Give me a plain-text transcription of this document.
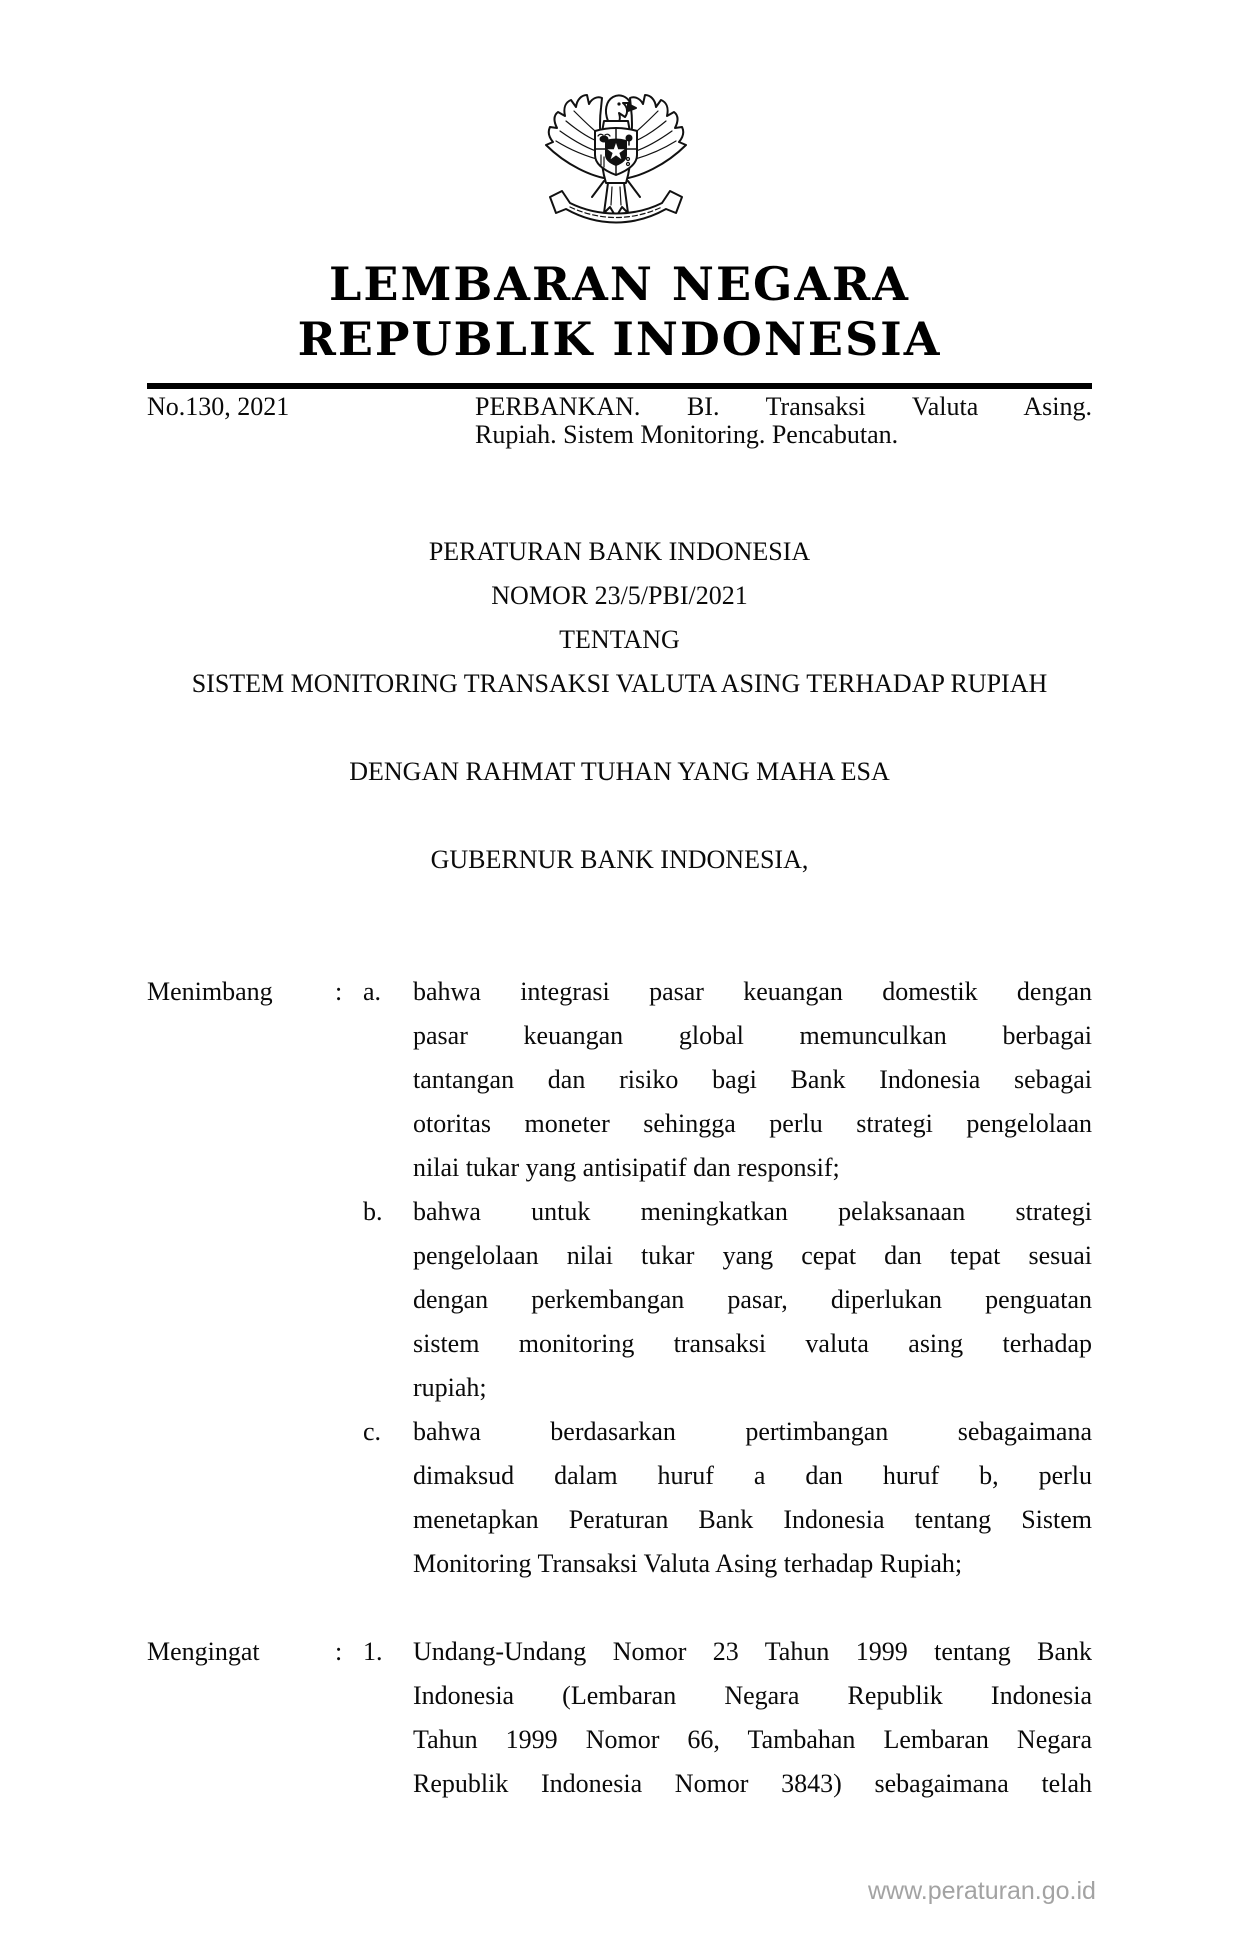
LEMBARAN NEGARA
REPUBLIK INDONESIA
No.130, 2021	PERBANKAN. BI. Transaksi Valuta Asing.
Rupiah. Sistem Monitoring. Pencabutan.
PERATURAN BANK INDONESIA
NOMOR 23/5/PBI/2021
TENTANG
SISTEM MONITORING TRANSAKSI VALUTA ASING TERHADAP RUPIAH
DENGAN RAHMAT TUHAN YANG MAHA ESA
GUBERNUR BANK INDONESIA,
Menimbang	: a.	bahwa integrasi pasar keuangan domestik dengan
pasar keuangan global memunculkan berbagai
tantangan dan risiko bagi Bank Indonesia sebagai
otoritas moneter sehingga perlu strategi pengelolaan
nilai tukar yang antisipatif dan responsif;
b.	bahwa untuk meningkatkan pelaksanaan strategi
pengelolaan nilai tukar yang cepat dan tepat sesuai
dengan perkembangan pasar, diperlukan penguatan
sistem monitoring transaksi valuta asing terhadap
rupiah;
c.	bahwa berdasarkan pertimbangan sebagaimana
dimaksud dalam huruf a dan huruf b, perlu
menetapkan Peraturan Bank Indonesia tentang Sistem
Monitoring Transaksi Valuta Asing terhadap Rupiah;
Mengingat	: 1.	Undang-Undang Nomor 23 Tahun 1999 tentang Bank
Indonesia (Lembaran Negara Republik Indonesia
Tahun 1999 Nomor 66, Tambahan Lembaran Negara
Republik Indonesia Nomor 3843) sebagaimana telah
www.peraturan.go.id
